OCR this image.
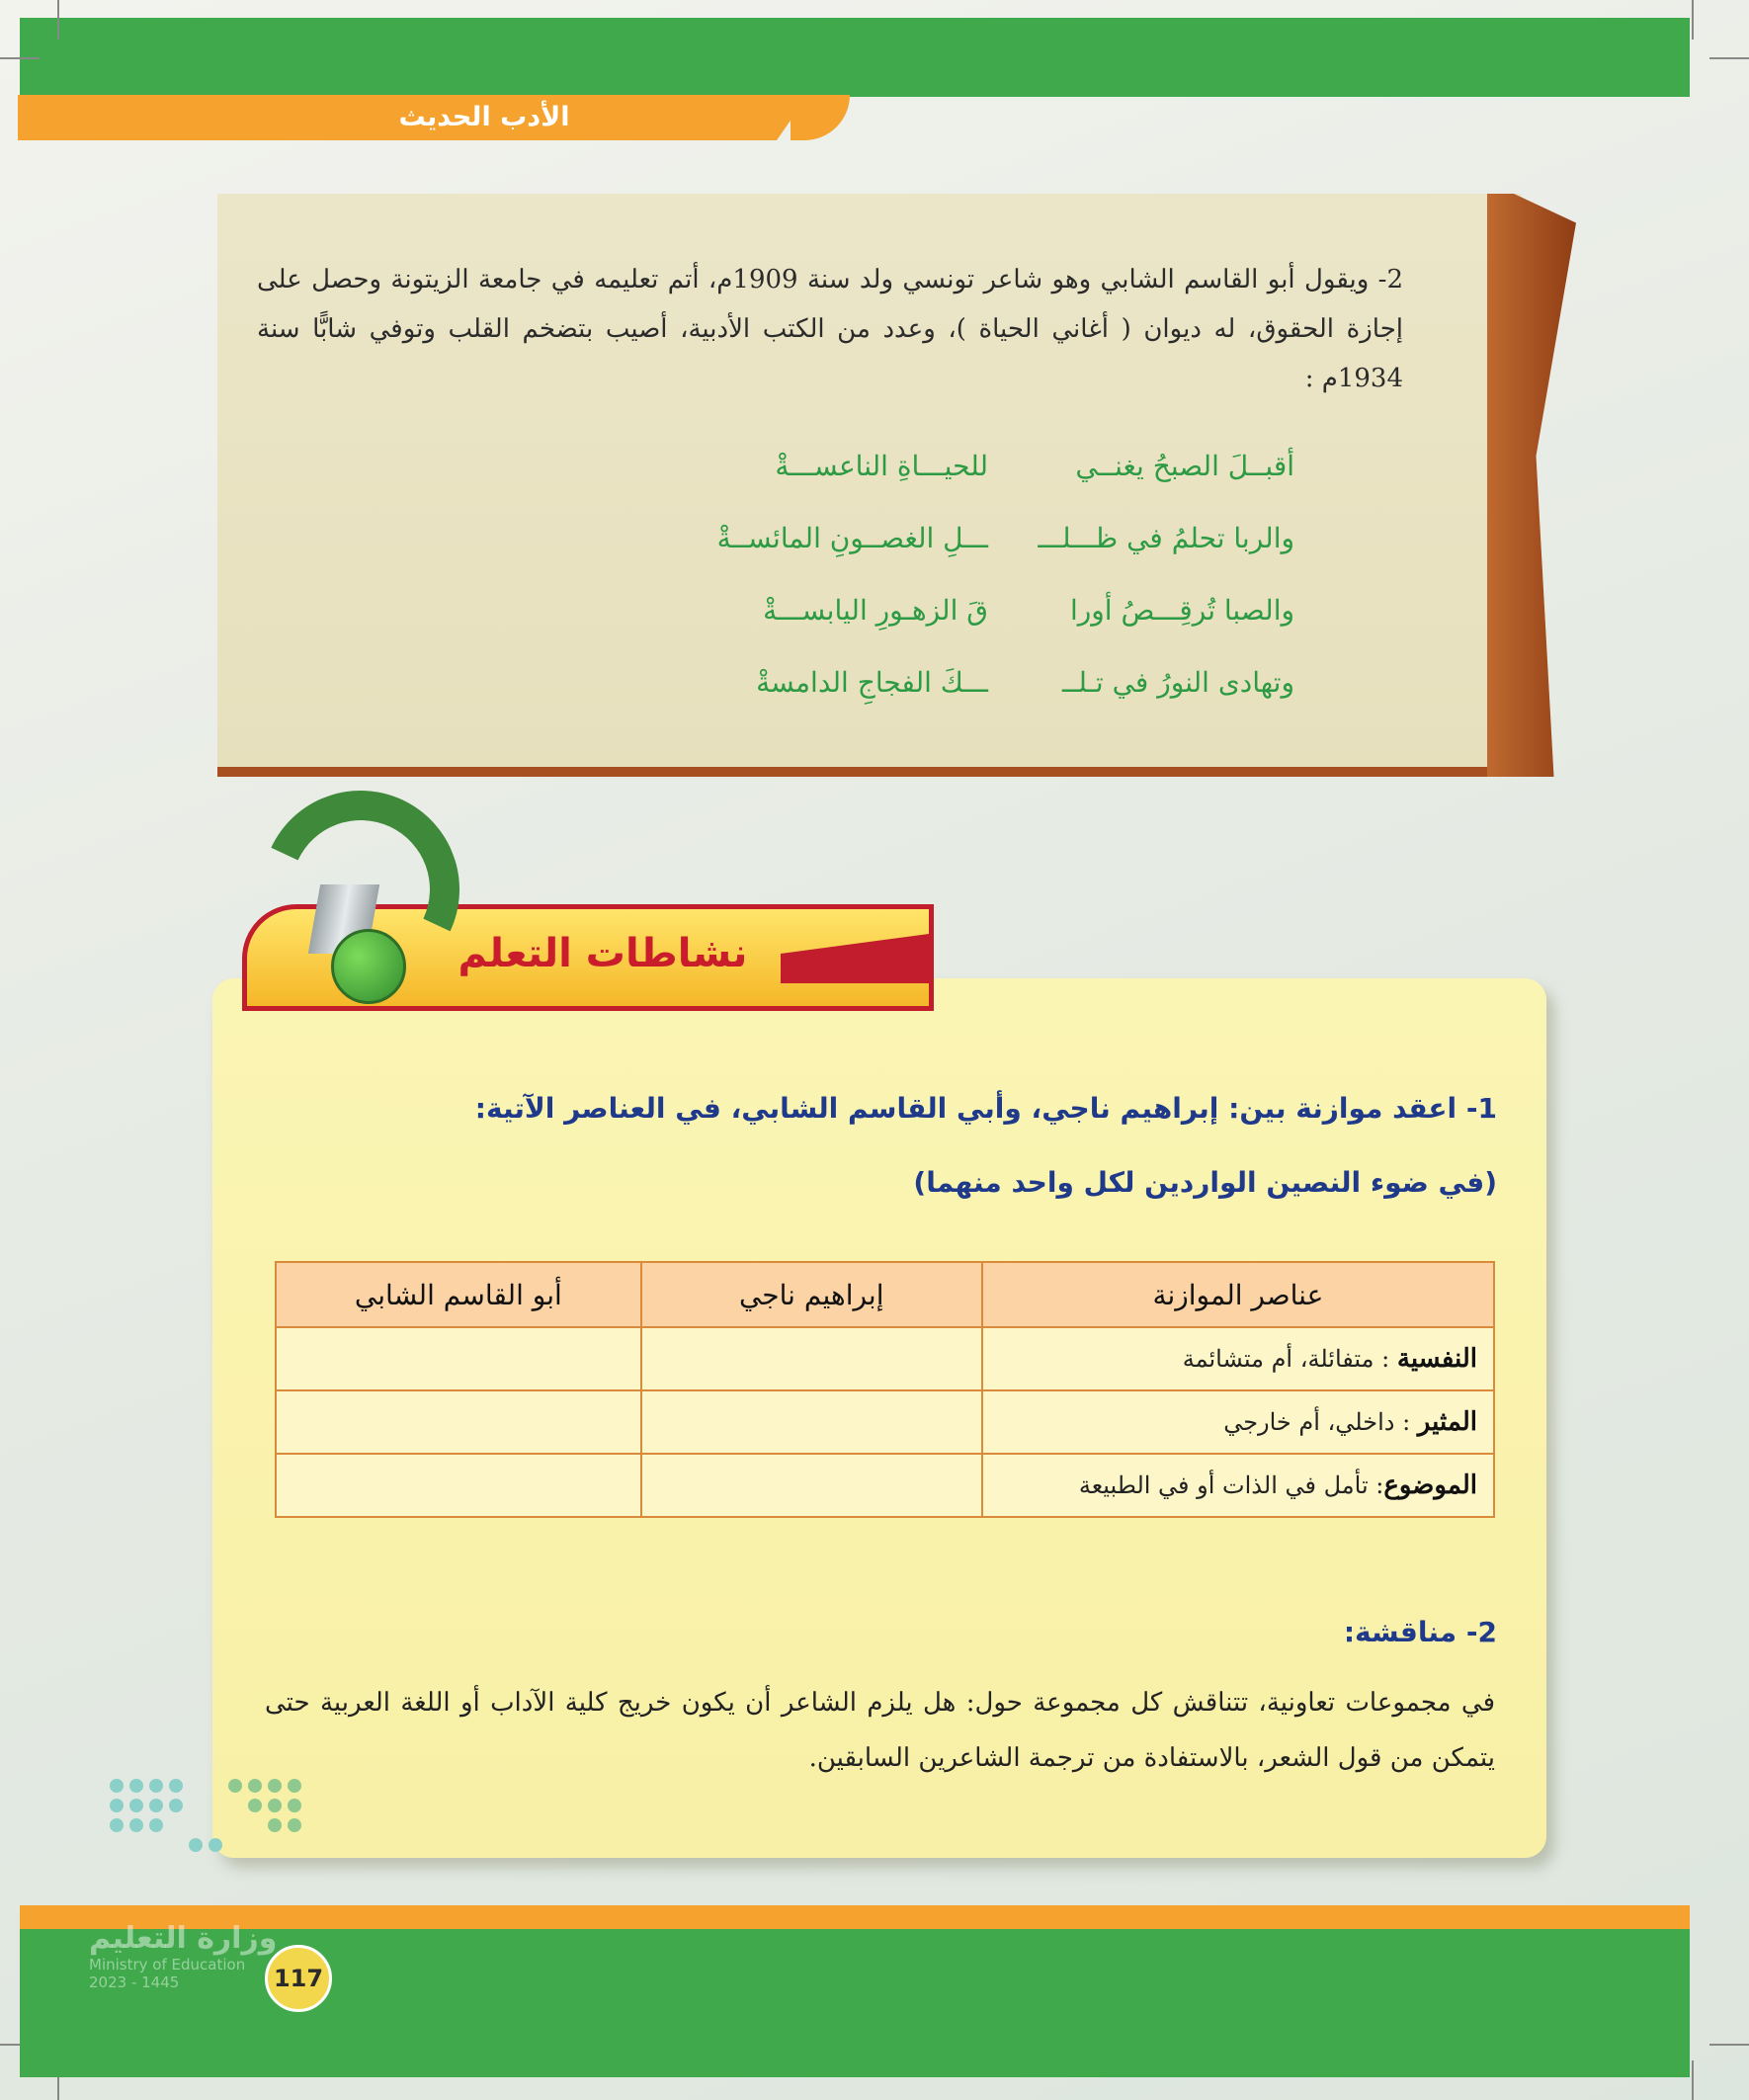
الأدب الحديث
2- ويقول أبو القاسم الشابي وهو شاعر تونسي ولد سنة 1909م، أتم تعليمه في جامعة الزيتونة وحصل على إجازة الحقوق، له ديوان ( أغاني الحياة )، وعدد من الكتب الأدبية، أصيب بتضخم القلب وتوفي شابًّا سنة 1934م :
أقبــلَ الصبحُ يغنــي
للحيـــاةِ الناعســـةْ
والربا تحلمُ في ظـــلـــ
ـــلِ الغصــونِ المائســةْ
والصبا تُرقِـــصُ أورا
قَ الزهـورِ اليابســـةْ
وتهادى النورُ في تـلــ
ـــكَ الفجاجِ الدامسةْ
نشاطات التعلم
1- اعقد موازنة بين: إبراهيم ناجي، وأبي القاسم الشابي، في العناصر الآتية:
(في ضوء النصين الواردين لكل واحد منهما)
عناصر الموازنة	إبراهيم ناجي	أبو القاسم الشابي
النفسية : متفائلة، أم متشائمة		
المثير : داخلي، أم خارجي		
الموضوع: تأمل في الذات أو في الطبيعة		
2- مناقشة:
في مجموعات تعاونية، تتناقش كل مجموعة حول: هل يلزم الشاعر أن يكون خريج كلية الآداب أو اللغة العربية حتى يتمكن من قول الشعر، بالاستفادة من ترجمة الشاعرين السابقين.
وزارة التعليم
Ministry of Education
2023 - 1445	117
